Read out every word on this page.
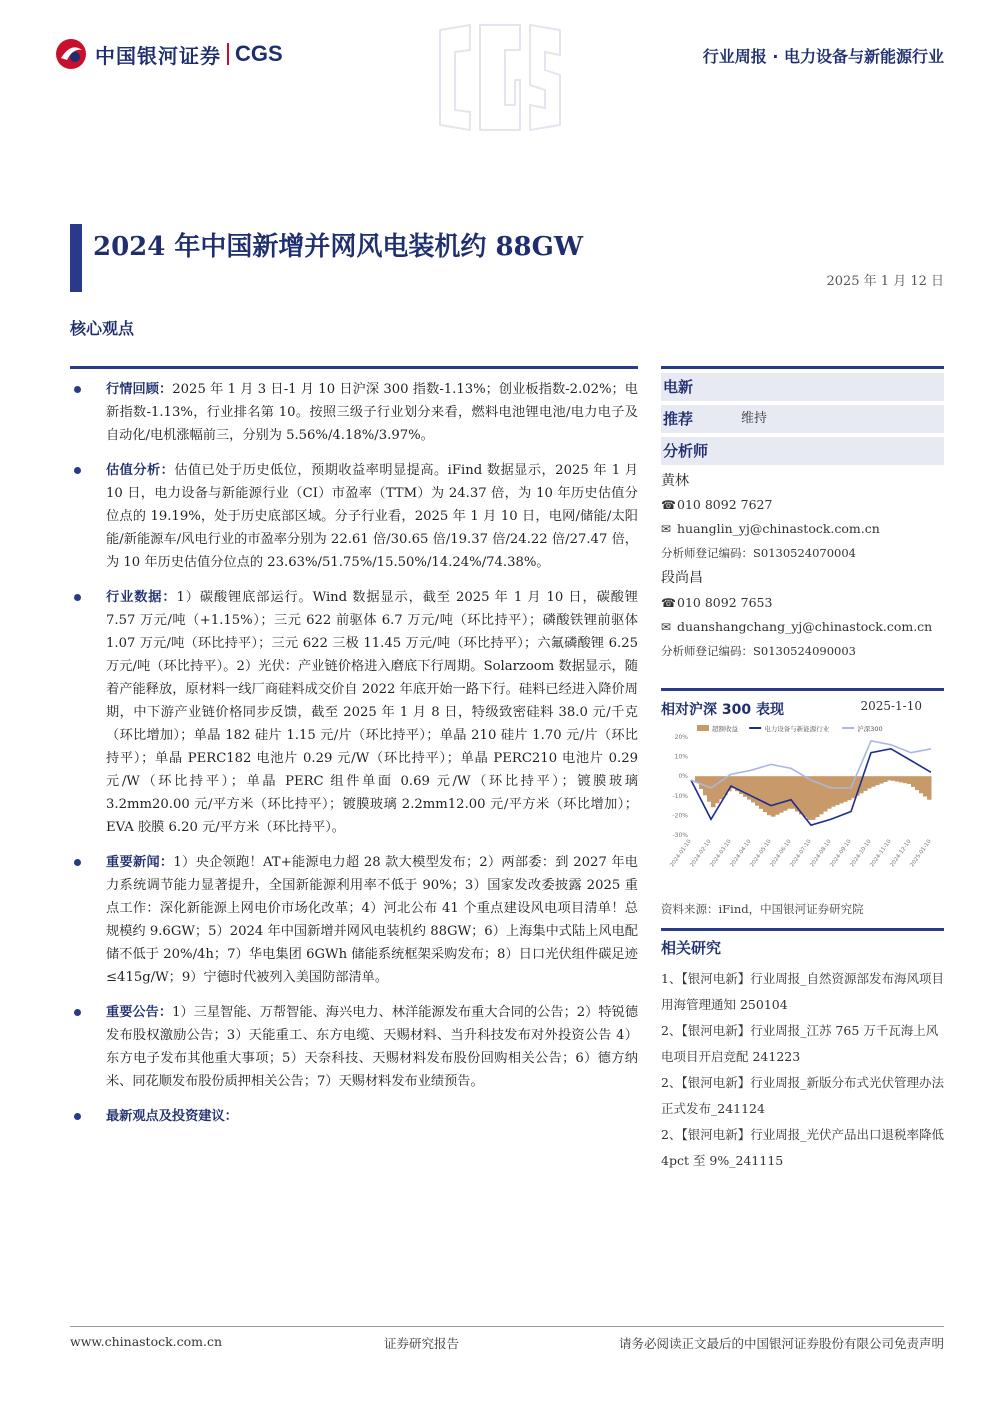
中国银河证券 CGS	行业周报 · 电力设备与新能源行业
2024 年中国新增并网风电装机约 88GW
2025 年 1 月 12 日
核心观点
行情回顾：2025 年 1 月 3 日-1 月 10 日沪深 300 指数-1.13%；创业板指数-2.02%；电新指数-1.13%，行业排名第 10。按照三级子行业划分来看，燃料电池锂电池/电力电子及自动化/电机涨幅前三，分别为 5.56%/4.18%/3.97%。
估值分析：估值已处于历史低位，预期收益率明显提高。iFind 数据显示，2025 年 1 月 10 日，电力设备与新能源行业（CI）市盈率（TTM）为 24.37 倍，为 10 年历史估值分位点的 19.19%，处于历史底部区域。分子行业看，2025 年 1 月 10 日，电网/储能/太阳能/新能源车/风电行业的市盈率分别为 22.61 倍/30.65 倍/19.37 倍/24.22 倍/27.47 倍，为 10 年历史估值分位点的 23.63%/51.75%/15.50%/14.24%/74.38%。
行业数据：1）碳酸锂底部运行。Wind 数据显示，截至 2025 年 1 月 10 日，碳酸锂 7.57 万元/吨（+1.15%）；三元 622 前驱体 6.7 万元/吨（环比持平）；磷酸铁锂前驱体 1.07 万元/吨（环比持平）；三元 622 三极 11.45 万元/吨（环比持平）；六氟磷酸锂 6.25 万元/吨（环比持平）。2）光伏：产业链价格进入磨底下行周期。Solarzoom 数据显示，随着产能释放，原材料一线厂商硅料成交价自 2022 年底开始一路下行。硅料已经进入降价周期，中下游产业链价格同步反馈，截至 2025 年 1 月 8 日，特级致密硅料 38.0 元/千克（环比增加）；单晶 182 硅片 1.15 元/片（环比持平）；单晶 210 硅片 1.70 元/片（环比持平）；单晶 PERC182 电池片 0.29 元/W（环比持平）；单晶 PERC210 电池片 0.29 元/W（环比持平）；单晶 PERC 组件单面 0.69 元/W（环比持平）；镀膜玻璃 3.2mm20.00 元/平方米（环比持平）；镀膜玻璃 2.2mm12.00 元/平方米（环比增加）；EVA 胶膜 6.20 元/平方米（环比持平）。
重要新闻：1）央企领跑！AT+能源电力超 28 款大模型发布；2）两部委：到 2027 年电力系统调节能力显著提升，全国新能源利用率不低于 90%；3）国家发改委披露 2025 重点工作：深化新能源上网电价市场化改革；4）河北公布 41 个重点建设风电项目清单！总规模约 9.6GW；5）2024 年中国新增并网风电装机约 88GW；6）上海集中式陆上风电配储不低于 20%/4h；7）华电集团 6GWh 储能系统框架采购发布；8）日口光伏组件碳足迹≤415g/W；9）宁德时代被列入美国防部清单。
重要公告：1）三星智能、万帮智能、海兴电力、林洋能源发布重大合同的公告；2）特锐德发布股权激励公告；3）天能重工、东方电缆、天赐材料、当升科技发布对外投资公告 4）东方电子发布其他重大事项；5）天奈科技、天赐材料发布股份回购相关公告；6）德方纳米、同花顺发布股份质押相关公告；7）天赐材料发布业绩预告。
最新观点及投资建议：
电新
推荐	维持
分析师
黄林
☎010 8092 7627
✉ huanglin_yj@chinastock.com.cn
分析师登记编码：S0130524070004
段尚昌
☎010 8092 7653
✉ duanshangchang_yj@chinastock.com.cn
分析师登记编码：S0130524090003
相对沪深 300 表现	2025-1-10
超额收益	电力设备与新能源行业	沪深300
20%
10%
0%
-10%
-20%
-30%
2024-01-10
2024-02-10
2024-03-10
2024-04-10
2024-05-10
2024-06-10
2024-07-10
2024-08-10
2024-09-10
2024-10-10
2024-11-10
2024-12-10
2025-01-10
资料来源：iFind，中国银河证券研究院
相关研究
1、【银河电新】行业周报_自然资源部发布海风项目用海管理通知 250104
2、【银河电新】行业周报_江苏 765 万千瓦海上风电项目开启竞配 241223
2、【银河电新】行业周报_新版分布式光伏管理办法正式发布_241124
2、【银河电新】行业周报_光伏产品出口退税率降低 4pct 至 9%_241115
www.chinastock.com.cn	证券研究报告	请务必阅读正文最后的中国银河证券股份有限公司免责声明
